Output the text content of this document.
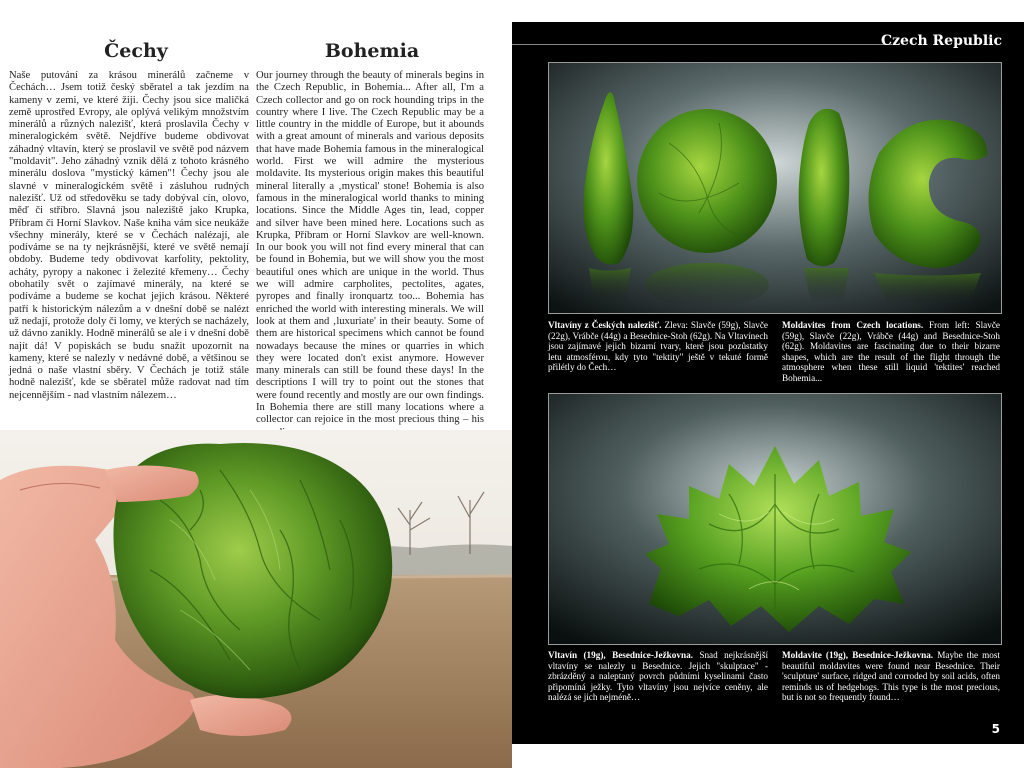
Čechy	Bohemia
Naše putování za krásou minerálů začneme v Čechách… Jsem totiž český sběratel a tak jezdím na kameny v zemi, ve které žiji. Čechy jsou sice maličká země uprostřed Evropy, ale oplývá velikým množstvím minerálů a různých nalezišť, která proslavila Čechy v mineralogickém světě. Nejdříve budeme obdivovat záhadný vltavín, který se proslavil ve světě pod názvem "moldavit". Jeho záhadný vznik dělá z tohoto krásného minerálu doslova "mystický kámen"! Čechy jsou ale slavné v mineralogickém světě i zásluhou rudných nalezišť. Už od středověku se tady dobýval cín, olovo, měď či stříbro. Slavná jsou naleziště jako Krupka, Příbram či Horní Slavkov. Naše kniha vám sice neukáže všechny minerály, které se v Čechách nalézají, ale podíváme se na ty nejkrásnější, které ve světě nemají obdoby. Budeme tedy obdivovat karfolity, pektolity, acháty, pyropy a nakonec i železité křemeny… Čechy obohatily svět o zajímavé minerály, na které se podíváme a budeme se kochat jejich krásou. Některé patří k historickým nálezům a v dnešní době se nalézt už nedají, protože doly či lomy, ve kterých se nacházely, už dávno zanikly. Hodně minerálů se ale i v dnešní době najít dá! V popiskách se budu snažit upozornit na kameny, které se nalezly v nedávné době, a většinou se jedná o naše vlastní sběry. V Čechách je totiž stále hodně nalezišť, kde se sběratel může radovat nad tím nejcennějším - nad vlastním nálezem…
Our journey through the beauty of minerals begins in the Czech Republic, in Bohemia... After all, I'm a Czech collector and go on rock hounding trips in the country where I live. The Czech Republic may be a little country in the middle of Europe, but it abounds with a great amount of minerals and various deposits that have made Bohemia famous in the mineralogical world. First we will admire the mysterious moldavite. Its mysterious origin makes this beautiful mineral literally a ‚mystical' stone! Bohemia is also famous in the mineralogical world thanks to mining locations. Since the Middle Ages tin, lead, copper and silver have been mined here. Locations such as Krupka, Příbram or Horní Slavkov are well-known. In our book you will not find every mineral that can be found in Bohemia, but we will show you the most beautiful ones which are unique in the world. Thus we will admire carpholites, pectolites, agates, pyropes and finally ironquartz too... Bohemia has enriched the world with interesting minerals. We will look at them and ‚luxuriate' in their beauty. Some of them are historical specimens which cannot be found nowadays because the mines or quarries in which they were located don't exist anymore. However many minerals can still be found these days! In the descriptions I will try to point out the stones that were found recently and mostly are our own findings. In Bohemia there are still many locations where a collector can rejoice in the most precious thing – his
Czech Republic
Vltavíny z Českých nalezišť. Zleva: Slavče (59g), Slavče (22g), Vrábče (44g) a Besednice-Stoh (62g). Na Vltavínech jsou zajímavé jejich bizarní tvary, které jsou pozůstatky letu atmosférou, kdy tyto "tektity" ještě v tekuté formě přilétly do Čech…
Moldavites from Czech locations. From left: Slavče (59g), Slavče (22g), Vrábče (44g) and Besednice-Stoh (62g). Moldavites are fascinating due to their bizarre shapes, which are the result of the flight through the atmosphere when these still liquid 'tektites' reached Bohemia...
Vltavín (19g), Besednice-Ježkovna. Snad nejkrásnější vltavíny se nalezly u Besednice. Jejich "skulptace" - zbrázděný a naleptaný povrch půdními kyselinami často připomíná ježky. Tyto vltavíny jsou nejvíce ceněny, ale nalézá se jich nejméně…
Moldavite (19g), Besednice-Ježkovna. Maybe the most beautiful moldavites were found near Besednice. Their 'sculpture' surface, ridged and corroded by soil acids, often reminds us of hedgehogs. This type is the most precious, but is not so frequently found…
5
